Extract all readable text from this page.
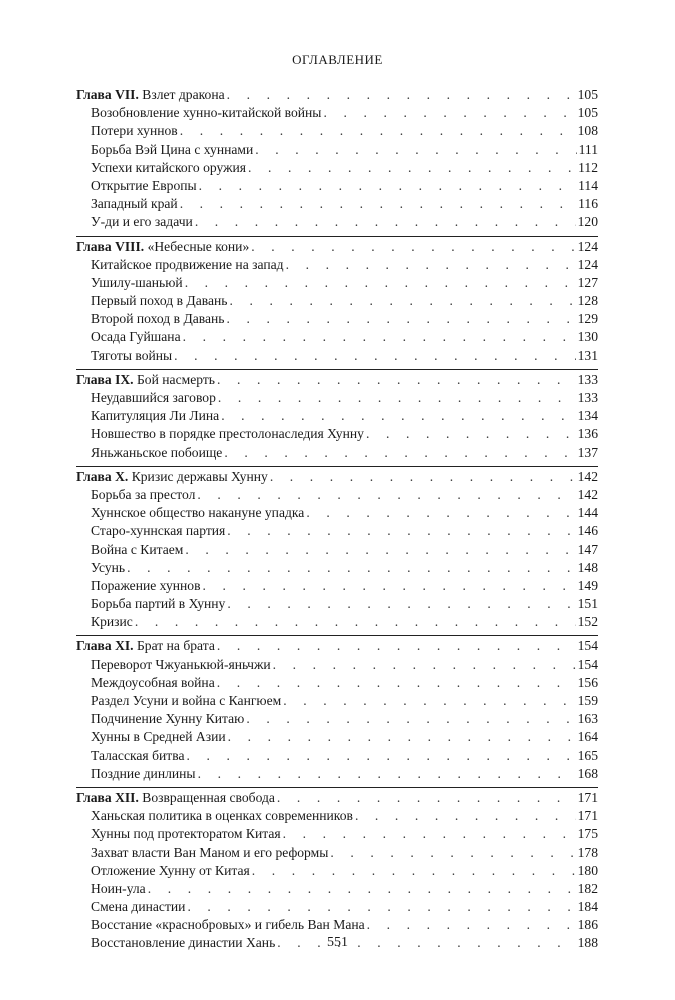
ОГЛАВЛЕНИЕ
Глава VII. Взлет дракона . . .	105
Возобновление хунно-китайской войны . . .	105
Потери хуннов . . .	108
Борьба Вэй Цина с хуннами . . .	111
Успехи китайского оружия . . .	112
Открытие Европы . . .	114
Западный край . . .	116
У-ди и его задачи . . .	120
Глава VIII. «Небесные кони» . . .	124
Китайское продвижение на запад . . .	124
Ушилу-шаньюй . . .	127
Первый поход в Давань . . .	128
Второй поход в Давань . . .	129
Осада Гуйшана . . .	130
Тяготы войны . . .	131
Глава IX. Бой насмерть . . .	133
Неудавшийся заговор . . .	133
Капитуляция Ли Лина . . .	134
Новшество в порядке престолонаследия Хунну . . .	136
Яньжаньское побоище . . .	137
Глава X. Кризис державы Хунну . . .	142
Борьба за престол . . .	142
Хуннское общество накануне упадка . . .	144
Старо-хуннская партия . . .	146
Война с Китаем . . .	147
Усунь . . .	148
Поражение хуннов . . .	149
Борьба партий в Хунну . . .	151
Кризис . . .	152
Глава XI. Брат на брата . . .	154
Переворот Чжуанькюй-яньчжи . . .	154
Междоусобная война . . .	156
Раздел Усуни и война с Кангюем . . .	159
Подчинение Хунну Китаю . . .	163
Хунны в Средней Азии . . .	164
Таласская битва . . .	165
Поздние динлины . . .	168
Глава XII. Возвращенная свобода . . .	171
Ханьская политика в оценках современников . . .	171
Хунны под протекторатом Китая . . .	175
Захват власти Ван Маном и его реформы . . .	178
Отложение Хунну от Китая . . .	180
Ноин-ула . . .	182
Смена династии . . .	184
Восстание «краснобровых» и гибель Ван Мана . . .	186
Восстановление династии Хань . . .	188
551
